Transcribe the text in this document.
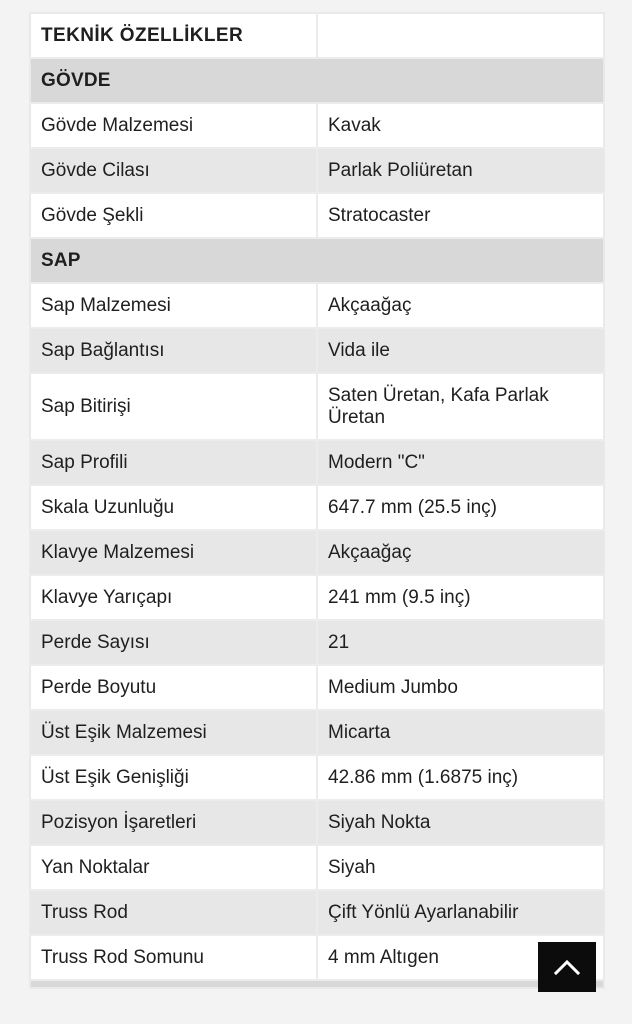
TEKNİK ÖZELLİKLER	
GÖVDE	
Gövde Malzemesi	Kavak
Gövde Cilası	Parlak Poliüretan
Gövde Şekli	Stratocaster
SAP	
Sap Malzemesi	Akçaağaç
Sap Bağlantısı	Vida ile
Sap Bitirişi	Saten Üretan, Kafa Parlak Üretan
Sap Profili	Modern "C"
Skala Uzunluğu	647.7 mm (25.5 inç)
Klavye Malzemesi	Akçaağaç
Klavye Yarıçapı	241 mm (9.5 inç)
Perde Sayısı	21
Perde Boyutu	Medium Jumbo
Üst Eşik Malzemesi	Micarta
Üst Eşik Genişliği	42.86 mm (1.6875 inç)
Pozisyon İşaretleri	Siyah Nokta
Yan Noktalar	Siyah
Truss Rod	Çift Yönlü Ayarlanabilir
Truss Rod Somunu	4 mm Altıgen
